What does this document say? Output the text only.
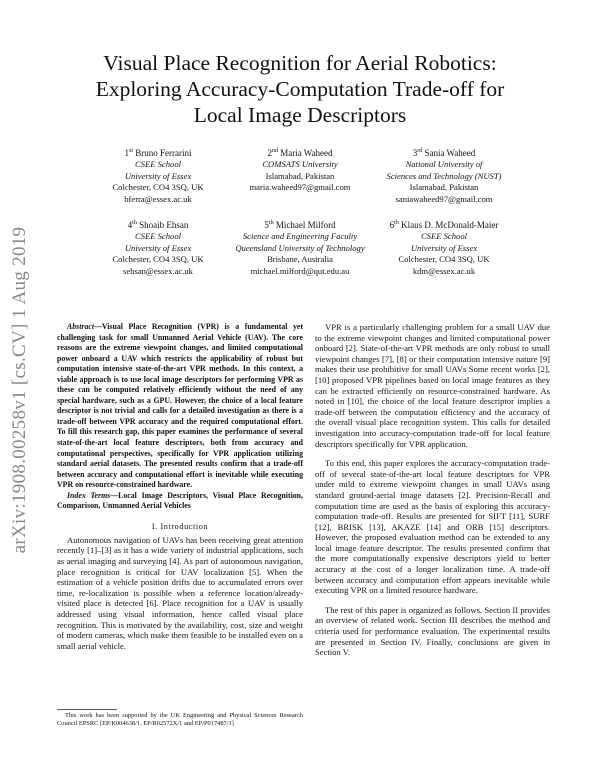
arXiv:1908.00258v1 [cs.CV] 1 Aug 2019
Visual Place Recognition for Aerial Robotics: Exploring Accuracy-Computation Trade-off for Local Image Descriptors
1st Bruno Ferrarini
CSEE School
University of Essex
Colchester, CO4 3SQ, UK
bferra@essex.ac.uk
2nd Maria Waheed
COMSATS University
Islamabad, Pakistan
maria.waheed97@gmail.com
3rd Sania Waheed
National University of
Sciences and Technology (NUST)
Islamabad, Pakistan
saniawaheed97@gmail.com
4th Shoaib Ehsan
CSEE School
University of Essex
Colchester, CO4 3SQ, UK
sehsan@essex.ac.uk
5th Michael Milford
Science and Engineering Faculty
Queensland University of Technology
Brisbane, Australia
michael.milford@qut.edu.au
6th Klaus D. McDonald-Maier
CSEE School
University of Essex
Colchester, CO4 3SQ, UK
kdm@essex.ac.uk

Abstract—Visual Place Recognition (VPR) is a fundamental yet challenging task for small Unmanned Aerial Vehicle (UAV). The core reasons are the extreme viewpoint changes, and limited computational power onboard a UAV which restricts the applicability of robust but computation intensive state-of-the-art VPR methods. In this context, a viable approach is to use local image descriptors for performing VPR as these can be computed relatively efficiently without the need of any special hardware, such as a GPU. However, the choice of a local feature descriptor is not trivial and calls for a detailed investigation as there is a trade-off between VPR accuracy and the required computational effort. To fill this research gap, this paper examines the performance of several state-of-the-art local feature descriptors, both from accuracy and computational perspectives, specifically for VPR application utilizing standard aerial datasets. The presented results confirm that a trade-off between accuracy and computational effort is inevitable while executing VPR on resource-constrained hardware.

Index Terms—Local Image Descriptors, Visual Place Recognition, Comparison, Unmanned Aerial Vehicles

I. Introduction

Autonomous navigation of UAVs has been receiving great attention recently [1]–[3] as it has a wide variety of industrial applications, such as aerial imaging and surveying [4]. As part of autonomous navigation, place recognition is critical for UAV localization [5]. When the estimation of a vehicle position drifts due to accumulated errors over time, re-localization is possible when a reference location/already-visited place is detected [6]. Place recognition for a UAV is usually addressed using visual information, hence called visual place recognition. This is motivated by the availability, cost, size and weight of modern cameras, which make them feasible to be installed even on a small aerial vehicle.

This work has been supported by the UK Engineering and Physical Sciences Research Council EPSRC [EP/K004638/1, EP/R02572X/1 and EP/P017487/1]

VPR is a particularly challenging problem for a small UAV due to the extreme viewpoint changes and limited computational power onboard [2]. State-of-the-art VPR methods are only robust to small viewpoint changes [7], [8] or their computation intensive nature [9] makes their use prohibitive for small UAVs Some recent works [2], [10] proposed VPR pipelines based on local image features as they can be extracted efficiently on resource-constrained hardware. As noted in [10], the choice of the local feature descriptor implies a trade-off between the computation efficiency and the accuracy of the overall visual place recognition system. This calls for detailed investigation into accuracy-computation trade-off for local feature descriptors specifically for VPR application.

To this end, this paper explores the accuracy-computation trade-off of several state-of-the-art local feature descriptors for VPR under mild to extreme viewpoint changes in small UAVs using standard ground-aerial image datasets [2]. Precision-Recall and computation time are used as the basis of exploring this accuracy-computation trade-off. Results are presented for SIFT [11], SURF [12], BRISK [13], AKAZE [14] and ORB [15] descriptors. However, the proposed evaluation method can be extended to any local image feature descriptor. The results presented confirm that the more computationally expensive descriptors yield to better accuracy at the cost of a longer localization time. A trade-off between accuracy and computation effort appears inevitable while executing VPR on a limited resource hardware.

The rest of this paper is organized as follows. Section II provides an overview of related work. Section III describes the method and criteria used for performance evaluation. The experimental results are presented in Section IV. Finally, conclusions are given in Section V.
